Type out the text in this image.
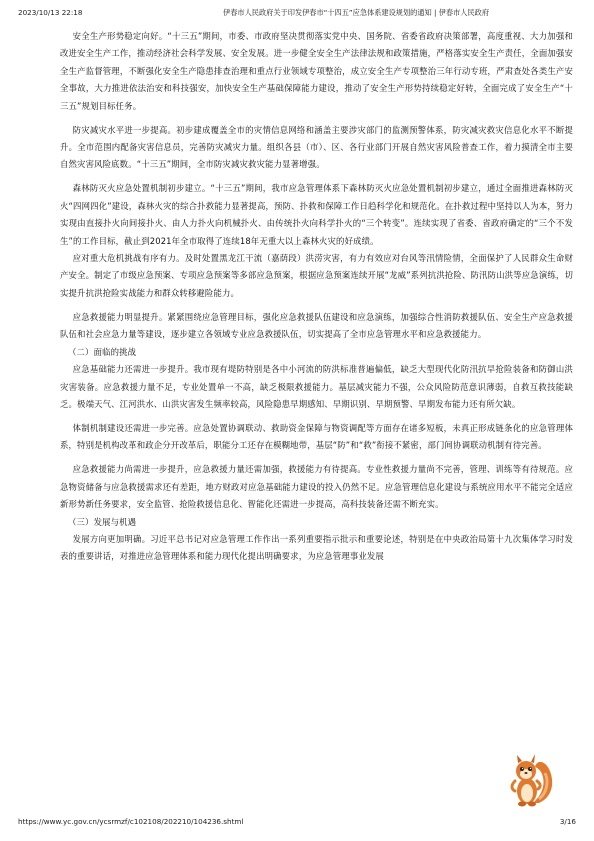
2023/10/13 22:18	伊春市人民政府关于印发伊春市“十四五”应急体系建设规划的通知 | 伊春市人民政府

安全生产形势稳定向好。“十三五”期间，市委、市政府坚决贯彻落实党中央、国务院、省委省政府决策部署，高度重视、大力加强和改进安全生产工作，推动经济社会科学发展、安全发展。进一步健全安全生产法律法规和政策措施，严格落实安全生产责任，全面加强安全生产监督管理，不断强化安全生产隐患排查治理和重点行业领域专项整治，成立安全生产专项整治三年行动专班，严肃查处各类生产安全事故，大力推进依法治安和科技强安，加快安全生产基础保障能力建设，推动了安全生产形势持续稳定好转，全面完成了安全生产“十三五”规划目标任务。

防灾减灾水平进一步提高。初步建成覆盖全市的灾情信息网络和涵盖主要涉灾部门的监测预警体系，防灾减灾救灾信息化水平不断提升。全市范围内配备灾害信息员，完善防灾减灾力量。组织各县（市）、区、各行业部门开展自然灾害风险普查工作，着力摸清全市主要自然灾害风险底数。“十三五”期间，全市防灾减灾救灾能力显著增强。

森林防灭火应急处置机制初步建立。“十三五”期间，我市应急管理体系下森林防灭火应急处置机制初步建立，通过全面推进森林防灭火“四网四化”建设，森林火灾的综合扑救能力显著提高，预防、扑救和保障工作日趋科学化和规范化。在扑救过程中坚持以人为本，努力实现由直接扑火向间接扑火、由人力扑火向机械扑火、由传统扑火向科学扑火的“三个转变”。连续实现了省委、省政府确定的“三个不发生”的工作目标，截止到2021年全市取得了连续18年无重大以上森林火灾的好成绩。

应对重大危机挑战有序有力。及时处置黑龙江干流（嘉荫段）洪涝灾害，有力有效应对台风等汛情险情，全面保护了人民群众生命财产安全。制定了市级应急预案、专项应急预案等多部应急预案，根据应急预案连续开展“龙威”系列抗洪抢险、防汛防山洪等应急演练，切实提升抗洪抢险实战能力和群众转移避险能力。

应急救援能力明显提升。紧紧围绕应急管理目标，强化应急救援队伍建设和应急演练，加强综合性消防救援队伍、安全生产应急救援队伍和社会应急力量等建设，逐步建立各领域专业应急救援队伍，切实提高了全市应急管理水平和应急救援能力。

（二）面临的挑战

应急基础能力还需进一步提升。我市现有堤防特别是各中小河流的防洪标准普遍偏低，缺乏大型现代化防汛抗旱抢险装备和防御山洪灾害装备。应急救援力量不足，专业处置单一不高，缺乏极限救援能力。基层减灾能力不强，公众风险防范意识薄弱，自救互救技能缺乏。极端天气、江河洪水、山洪灾害发生频率较高，风险隐患早期感知、早期识别、早期预警、早期发布能力还有所欠缺。

体制机制建设还需进一步完善。应急处置协调联动、救助资金保障与物资调配等方面存在诸多短板，未真正形成链条化的应急管理体系，特别是机构改革和政企分开改革后，职能分工还存在模糊地带，基层“防”和“救”衔接不紧密，部门间协调联动机制有待完善。

应急救援能力尚需进一步提升，应急救援力量还需加强，救援能力有待提高。专业性救援力量尚不完善，管理、训练等有待规范。应急物资储备与应急救援需求还有差距，地方财政对应急基础能力建设的投入仍然不足。应急管理信息化建设与系统应用水平不能完全适应新形势新任务要求，安全监管、抢险救援信息化、智能化还需进一步提高，高科技装备还需不断充实。

（三）发展与机遇

发展方向更加明确。习近平总书记对应急管理工作作出一系列重要指示批示和重要论述，特别是在中央政治局第十九次集体学习时发表的重要讲话，对推进应急管理体系和能力现代化提出明确要求，为应急管理事业发展

https://www.yc.gov.cn/ycsrmzf/c102108/202210/104236.shtml	3/16
